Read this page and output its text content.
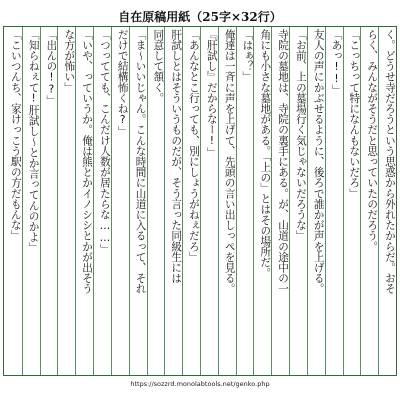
自在原稿用紙（25字×32行）
く。どうせ寺だろうという思惑から外れたからだ。おそ
らく、みんながそうだと思っていたのだろう。
「こっちって特になんもないだろ」
「あっ!!」
友人の声にかぶせるように、後ろで誰かが声を上げる。
「お前、上の墓場行く気じゃないだろうな」
寺院の墓地は、寺院の裏手にある。が、山道の途中の一
角にも小さな墓地がある。「上の」とはその場所だ。
「はぁ？」
俺達は一斉に声を上げて、先頭の言い出しっぺを見る。
『肝試し』だからなー!」
「あんなとこ行っても、別にしょうがねぇだろ」
肝試しとはそういうものだが、そう言った同級生には
同意して頷く。
「ま～いいじゃん。こんな時間に山道に入るって、それ
だけで結構怖くね?」
「つってても、こんだけ人数が居たらな……」
「いや、っていうか。俺は熊とかイノシシとかが出そう
な方が怖い」
「出んの!?」
「知らねぇて!肝試し～とか言ってんのかよ」
「こいつんち、家けっこう駅の方だもんな」
https://sozzrd.monolabtools.net/genko.php
